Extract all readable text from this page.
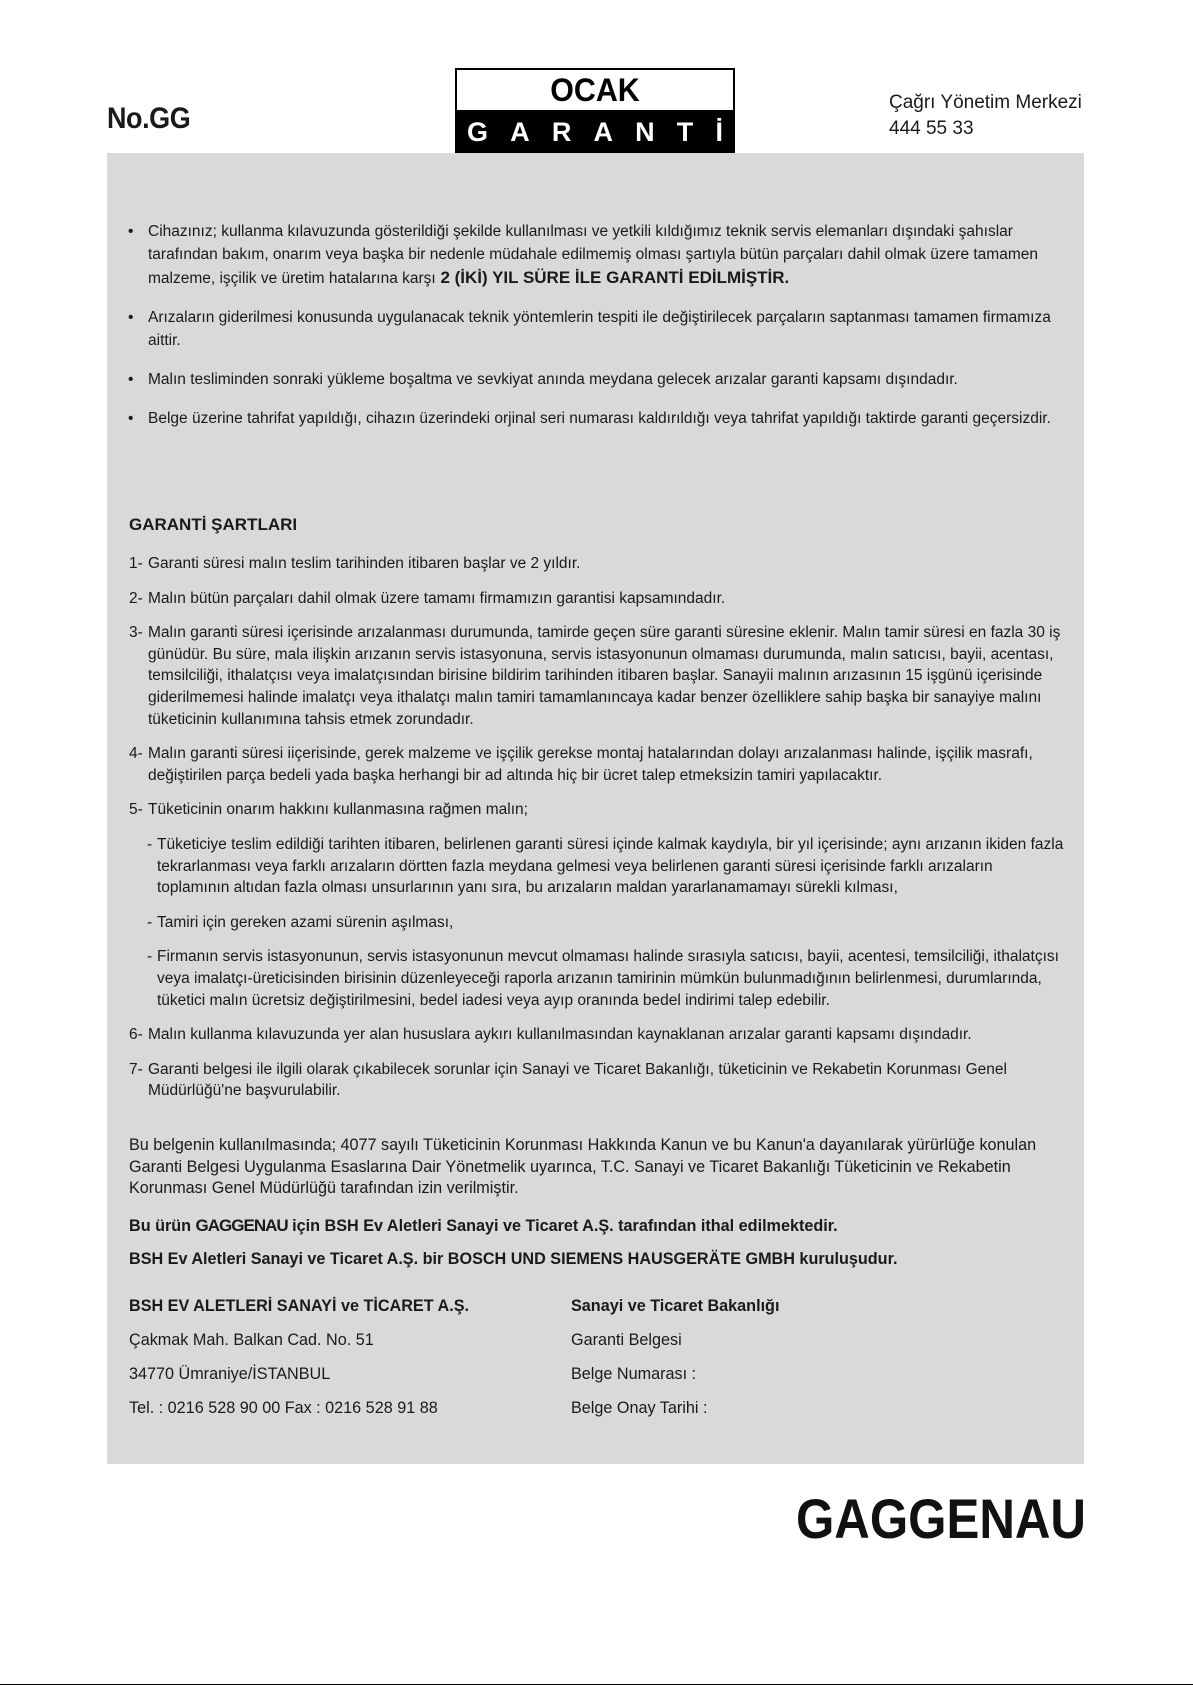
No.GG
OCAK
G A R A N T İ
Çağrı Yönetim Merkezi
444 55 33
• Cihazınız; kullanma kılavuzunda gösterildiği şekilde kullanılması ve yetkili kıldığımız teknik servis elemanları dışındaki şahıslar tarafından bakım, onarım veya başka bir nedenle müdahale edilmemiş olması şartıyla bütün parçaları dahil olmak üzere tamamen malzeme, işçilik ve üretim hatalarına karşı 2 (İKİ) YIL SÜRE İLE GARANTİ EDİLMİŞTİR.
• Arızaların giderilmesi konusunda uygulanacak teknik yöntemlerin tespiti ile değiştirilecek parçaların saptanması tamamen firmamıza aittir.
• Malın tesliminden sonraki yükleme boşaltma ve sevkiyat anında meydana gelecek arızalar garanti kapsamı dışındadır.
• Belge üzerine tahrifat yapıldığı, cihazın üzerindeki orjinal seri numarası kaldırıldığı veya tahrifat yapıldığı taktirde garanti geçersizdir.
GARANTİ ŞARTLARI
1- Garanti süresi malın teslim tarihinden itibaren başlar ve 2 yıldır.
2- Malın bütün parçaları dahil olmak üzere tamamı firmamızın garantisi kapsamındadır.
3- Malın garanti süresi içerisinde arızalanması durumunda, tamirde geçen süre garanti süresine eklenir. Malın tamir süresi en fazla 30 iş günüdür. Bu süre, mala ilişkin arızanın servis istasyonuna, servis istasyonunun olmaması durumunda, malın satıcısı, bayii, acentası, temsilciliği, ithalatçısı veya imalatçısından birisine bildirim tarihinden itibaren başlar. Sanayii malının arızasının 15 işgünü içerisinde giderilmemesi halinde imalatçı veya ithalatçı malın tamiri tamamlanıncaya kadar benzer özelliklere sahip başka bir sanayiye malını tüketicinin kullanımına tahsis etmek zorundadır.
4- Malın garanti süresi iiçerisinde, gerek malzeme ve işçilik gerekse montaj hatalarından dolayı arızalanması halinde, işçilik masrafı, değiştirilen parça bedeli yada başka herhangi bir ad altında hiç bir ücret talep etmeksizin tamiri yapılacaktır.
5- Tüketicinin onarım hakkını kullanmasına rağmen malın;
- Tüketiciye teslim edildiği tarihten itibaren, belirlenen garanti süresi içinde kalmak kaydıyla, bir yıl içerisinde; aynı arızanın ikiden fazla tekrarlanması veya farklı arızaların dörtten fazla meydana gelmesi veya belirlenen garanti süresi içerisinde farklı arızaların toplamının altıdan fazla olması unsurlarının yanı sıra, bu arızaların maldan yararlanamamayı sürekli kılması,
- Tamiri için gereken azami sürenin aşılması,
- Firmanın servis istasyonunun, servis istasyonunun mevcut olmaması halinde sırasıyla satıcısı, bayii, acentesi, temsilciliği, ithalatçısı veya imalatçı-üreticisinden birisinin düzenleyeceği raporla arızanın tamirinin mümkün bulunmadığının belirlenmesi, durumlarında, tüketici malın ücretsiz değiştirilmesini, bedel iadesi veya ayıp oranında bedel indirimi talep edebilir.
6- Malın kullanma kılavuzunda yer alan hususlara aykırı kullanılmasından kaynaklanan arızalar garanti kapsamı dışındadır.
7- Garanti belgesi ile ilgili olarak çıkabilecek sorunlar için Sanayi ve Ticaret Bakanlığı, tüketicinin ve Rekabetin Korunması Genel Müdürlüğü'ne başvurulabilir.
Bu belgenin kullanılmasında; 4077 sayılı Tüketicinin Korunması Hakkında Kanun ve bu Kanun'a dayanılarak yürürlüğe konulan Garanti Belgesi Uygulanma Esaslarına Dair Yönetmelik uyarınca, T.C. Sanayi ve Ticaret Bakanlığı Tüketicinin ve Rekabetin Korunması Genel Müdürlüğü tarafından izin verilmiştir.
Bu ürün GAGGENAU için BSH Ev Aletleri Sanayi ve Ticaret A.Ş. tarafından ithal edilmektedir.
BSH Ev Aletleri Sanayi ve Ticaret A.Ş. bir BOSCH UND SIEMENS HAUSGERÄTE GMBH kuruluşudur.
BSH EV ALETLERİ SANAYİ ve TİCARET A.Ş.
Çakmak Mah. Balkan Cad. No. 51
34770 Ümraniye/İSTANBUL
Tel. : 0216 528 90 00 Fax : 0216 528 91 88
Sanayi ve Ticaret Bakanlığı
Garanti Belgesi
Belge Numarası :
Belge Onay Tarihi :
GAGGENAU
